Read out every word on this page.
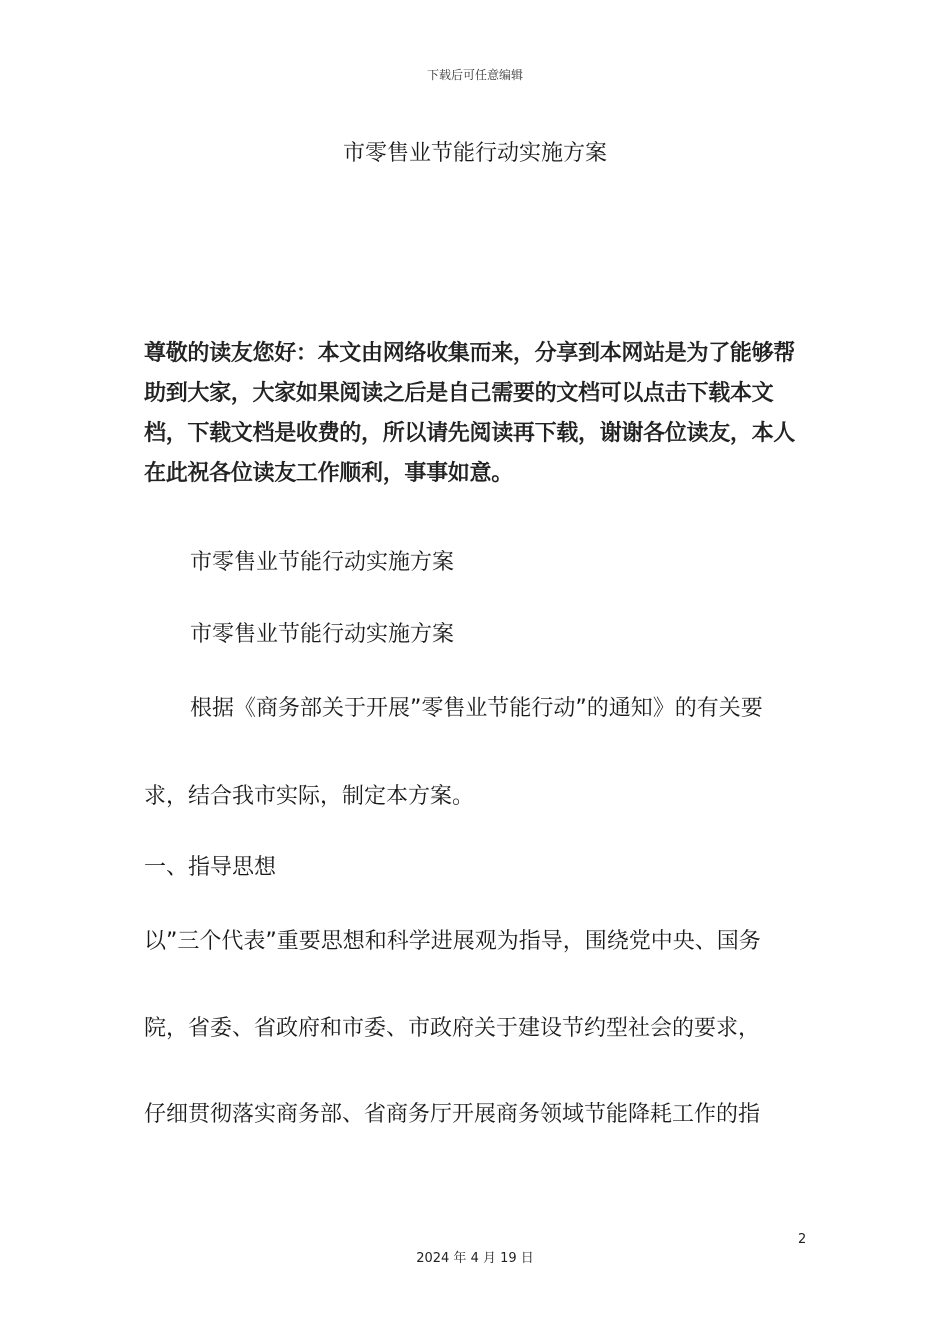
下载后可任意编辑
市零售业节能行动实施方案
尊敬的读友您好：本文由网络收集而来，分享到本网站是为了能够帮助到大家，大家如果阅读之后是自己需要的文档可以点击下载本文档，下载文档是收费的，所以请先阅读再下载，谢谢各位读友，本人在此祝各位读友工作顺利，事事如意。
市零售业节能行动实施方案
市零售业节能行动实施方案
根据《商务部关于开展”零售业节能行动”的通知》的有关要
求，结合我市实际，制定本方案。
一、指导思想
以”三个代表”重要思想和科学进展观为指导，围绕党中央、国务
院，省委、省政府和市委、市政府关于建设节约型社会的要求，
仔细贯彻落实商务部、省商务厅开展商务领域节能降耗工作的指
2
2024 年 4 月 19 日
